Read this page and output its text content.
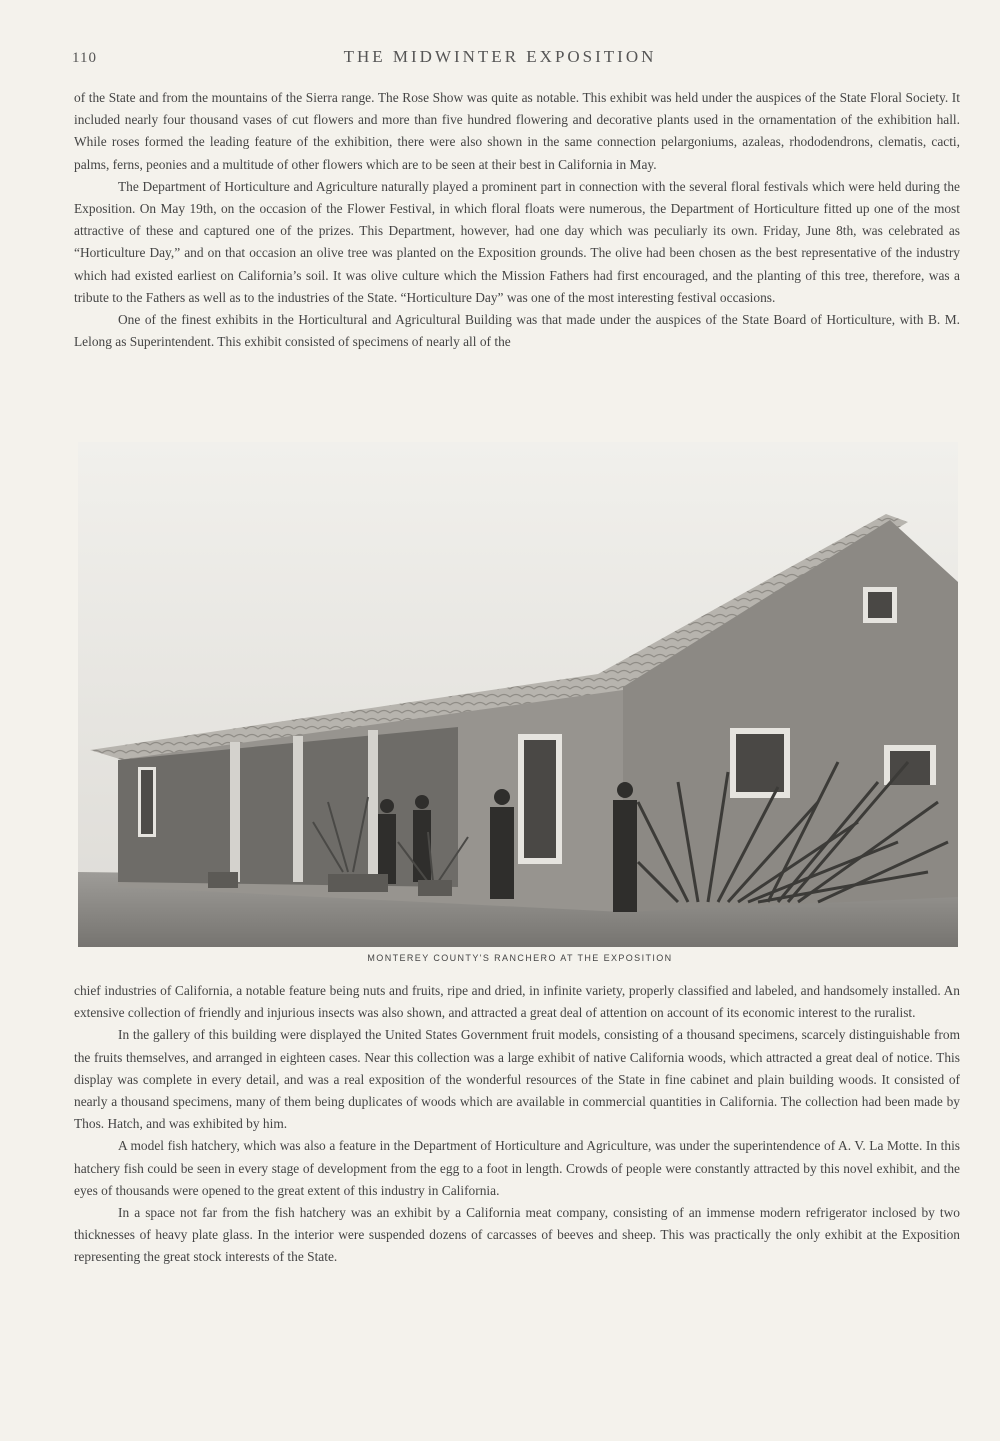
110	THE MIDWINTER EXPOSITION

of the State and from the mountains of the Sierra range. The Rose Show was quite as notable. This exhibit was held under the auspices of the State Floral Society. It included nearly four thousand vases of cut flowers and more than five hundred flowering and decorative plants used in the ornamentation of the exhibition hall. While roses formed the leading feature of the exhibition, there were also shown in the same connection pelargoniums, azaleas, rhododendrons, clematis, cacti, palms, ferns, peonies and a multitude of other flowers which are to be seen at their best in California in May.

The Department of Horticulture and Agriculture naturally played a prominent part in connection with the several floral festivals which were held during the Exposition. On May 19th, on the occasion of the Flower Festival, in which floral floats were numerous, the Department of Horticulture fitted up one of the most attractive of these and captured one of the prizes. This Department, however, had one day which was peculiarly its own. Friday, June 8th, was celebrated as “Horticulture Day,” and on that occasion an olive tree was planted on the Exposition grounds. The olive had been chosen as the best representative of the industry which had existed earliest on California’s soil. It was olive culture which the Mission Fathers had first encouraged, and the planting of this tree, therefore, was a tribute to the Fathers as well as to the industries of the State. “Horticulture Day” was one of the most interesting festival occasions.

One of the finest exhibits in the Horticultural and Agricultural Building was that made under the auspices of the State Board of Horticulture, with B. M. Lelong as Superintendent. This exhibit consisted of specimens of nearly all of the

MONTEREY COUNTY'S RANCHERO AT THE EXPOSITION

chief industries of California, a notable feature being nuts and fruits, ripe and dried, in infinite variety, properly classified and labeled, and handsomely installed. An extensive collection of friendly and injurious insects was also shown, and attracted a great deal of attention on account of its economic interest to the ruralist.

In the gallery of this building were displayed the United States Government fruit models, consisting of a thousand specimens, scarcely distinguishable from the fruits themselves, and arranged in eighteen cases. Near this collection was a large exhibit of native California woods, which attracted a great deal of notice. This display was complete in every detail, and was a real exposition of the wonderful resources of the State in fine cabinet and plain building woods. It consisted of nearly a thousand specimens, many of them being duplicates of woods which are available in commercial quantities in California. The collection had been made by Thos. Hatch, and was exhibited by him.

A model fish hatchery, which was also a feature in the Department of Horticulture and Agriculture, was under the superintendence of A. V. La Motte. In this hatchery fish could be seen in every stage of development from the egg to a foot in length. Crowds of people were constantly attracted by this novel exhibit, and the eyes of thousands were opened to the great extent of this industry in California.

In a space not far from the fish hatchery was an exhibit by a California meat company, consisting of an immense modern refrigerator inclosed by two thicknesses of heavy plate glass. In the interior were suspended dozens of carcasses of beeves and sheep. This was practically the only exhibit at the Exposition representing the great stock interests of the State.
